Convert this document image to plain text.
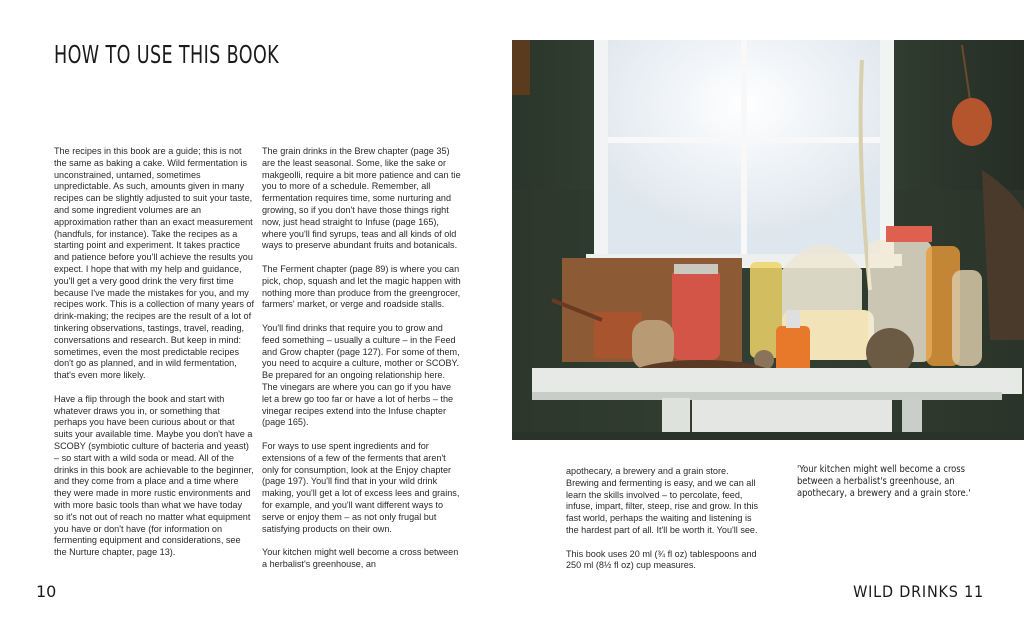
HOW TO USE THIS BOOK

The recipes in this book are a guide; this is not the same as baking a cake. Wild fermentation is unconstrained, untamed, sometimes unpredictable. As such, amounts given in many recipes can be slightly adjusted to suit your taste, and some ingredient volumes are an approximation rather than an exact measurement (handfuls, for instance). Take the recipes as a starting point and experiment. It takes practice and patience before you'll achieve the results you expect. I hope that with my help and guidance, you'll get a very good drink the very first time because I've made the mistakes for you, and my recipes work. This is a collection of many years of drink-making; the recipes are the result of a lot of tinkering observations, tastings, travel, reading, conversations and research. But keep in mind: sometimes, even the most predictable recipes don't go as planned, and in wild fermentation, that's even more likely.

Have a flip through the book and start with whatever draws you in, or something that perhaps you have been curious about or that suits your available time. Maybe you don't have a SCOBY (symbiotic culture of bacteria and yeast) – so start with a wild soda or mead. All of the drinks in this book are achievable to the beginner, and they come from a place and a time where they were made in more rustic environments and with more basic tools than what we have today so it's not out of reach no matter what equipment you have or don't have (for information on fermenting equipment and considerations, see the Nurture chapter, page 13).

The grain drinks in the Brew chapter (page 35) are the least seasonal. Some, like the sake or makgeolli, require a bit more patience and can tie you to more of a schedule. Remember, all fermentation requires time, some nurturing and growing, so if you don't have those things right now, just head straight to Infuse (page 165), where you'll find syrups, teas and all kinds of old ways to preserve abundant fruits and botanicals.

The Ferment chapter (page 89) is where you can pick, chop, squash and let the magic happen with nothing more than produce from the greengrocer, farmers' market, or verge and roadside stalls.

You'll find drinks that require you to grow and feed something – usually a culture – in the Feed and Grow chapter (page 127). For some of them, you need to acquire a culture, mother or SCOBY. Be prepared for an ongoing relationship here. The vinegars are where you can go if you have let a brew go too far or have a lot of herbs – the vinegar recipes extend into the Infuse chapter (page 165).

For ways to use spent ingredients and for extensions of a few of the ferments that aren't only for consumption, look at the Enjoy chapter (page 197). You'll find that in your wild drink making, you'll get a lot of excess lees and grains, for example, and you'll want different ways to serve or enjoy them – as not only frugal but satisfying products on their own.

Your kitchen might well become a cross between a herbalist's greenhouse, an

apothecary, a brewery and a grain store. Brewing and fermenting is easy, and we can all learn the skills involved – to percolate, feed, infuse, impart, filter, steep, rise and grow. In this fast world, perhaps the waiting and listening is the hardest part of all. It'll be worth it. You'll see.

This book uses 20 ml (¾ fl oz) tablespoons and 250 ml (8½ fl oz) cup measures.

'Your kitchen might well become a cross between a herbalist's greenhouse, an apothecary, a brewery and a grain store.'
10	WILD DRINKS 11
